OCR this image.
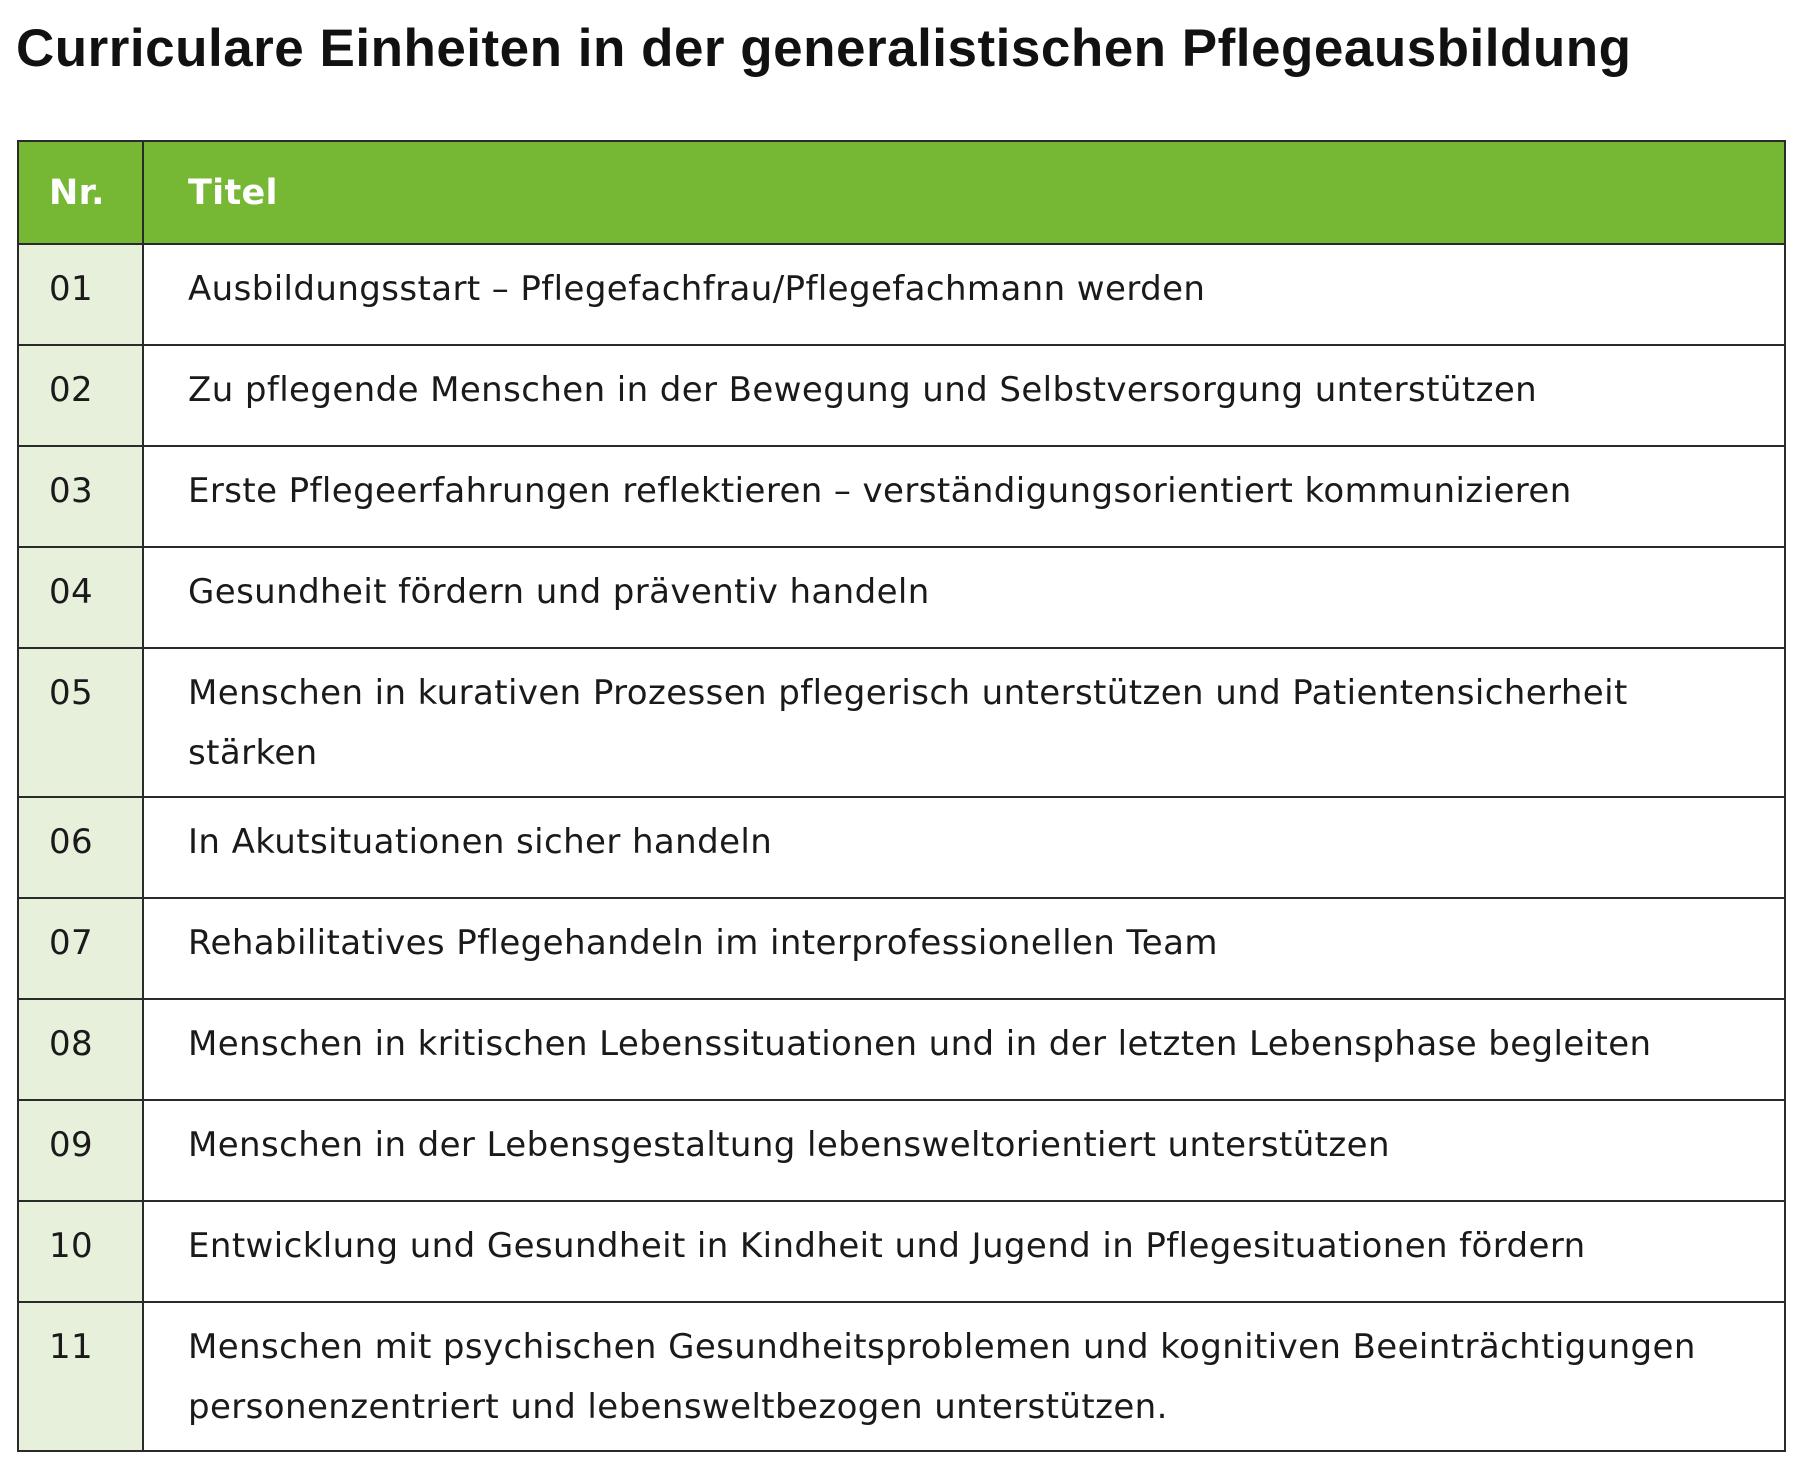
Curriculare Einheiten in der generalistischen Pflegeausbildung
Nr.	Titel
01	Ausbildungsstart – Pflegefachfrau/Pflegefachmann werden
02	Zu pflegende Menschen in der Bewegung und Selbstversorgung unterstützen
03	Erste Pflegeerfahrungen reflektieren – verständigungsorientiert kommunizieren
04	Gesundheit fördern und präventiv handeln
05	Menschen in kurativen Prozessen pflegerisch unterstützen und Patientensicherheit stärken
06	In Akutsituationen sicher handeln
07	Rehabilitatives Pflegehandeln im interprofessionellen Team
08	Menschen in kritischen Lebenssituationen und in der letzten Lebensphase begleiten
09	Menschen in der Lebensgestaltung lebensweltorientiert unterstützen
10	Entwicklung und Gesundheit in Kindheit und Jugend in Pflegesituationen fördern
11	Menschen mit psychischen Gesundheitsproblemen und kognitiven Beeinträchtigungen personenzentriert und lebensweltbezogen unterstützen.
